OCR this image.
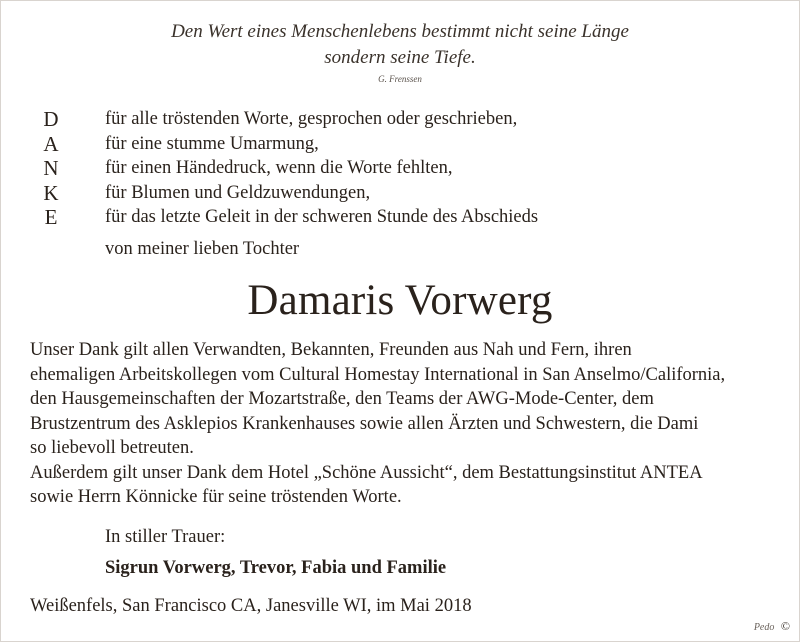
Den Wert eines Menschenlebens bestimmt nicht seine Länge
sondern seine Tiefe.
G. Frenssen
D
A
N
K
E
für alle tröstenden Worte, gesprochen oder geschrieben,
für eine stumme Umarmung,
für einen Händedruck, wenn die Worte fehlten,
für Blumen und Geldzuwendungen,
für das letzte Geleit in der schweren Stunde des Abschieds
von meiner lieben Tochter
Damaris Vorwerg
Unser Dank gilt allen Verwandten, Bekannten, Freunden aus Nah und Fern, ihren
ehemaligen Arbeitskollegen vom Cultural Homestay International in San Anselmo/California,
den Hausgemeinschaften der Mozartstraße, den Teams der AWG-Mode-Center, dem
Brustzentrum des Asklepios Krankenhauses sowie allen Ärzten und Schwestern, die Dami
so liebevoll betreuten.
Außerdem gilt unser Dank dem Hotel „Schöne Aussicht“, dem Bestattungsinstitut ANTEA
sowie Herrn Könnicke für seine tröstenden Worte.
In stiller Trauer:
Sigrun Vorwerg, Trevor, Fabia und Familie
Weißenfels, San Francisco CA, Janesville WI, im Mai 2018
Pedo ©
